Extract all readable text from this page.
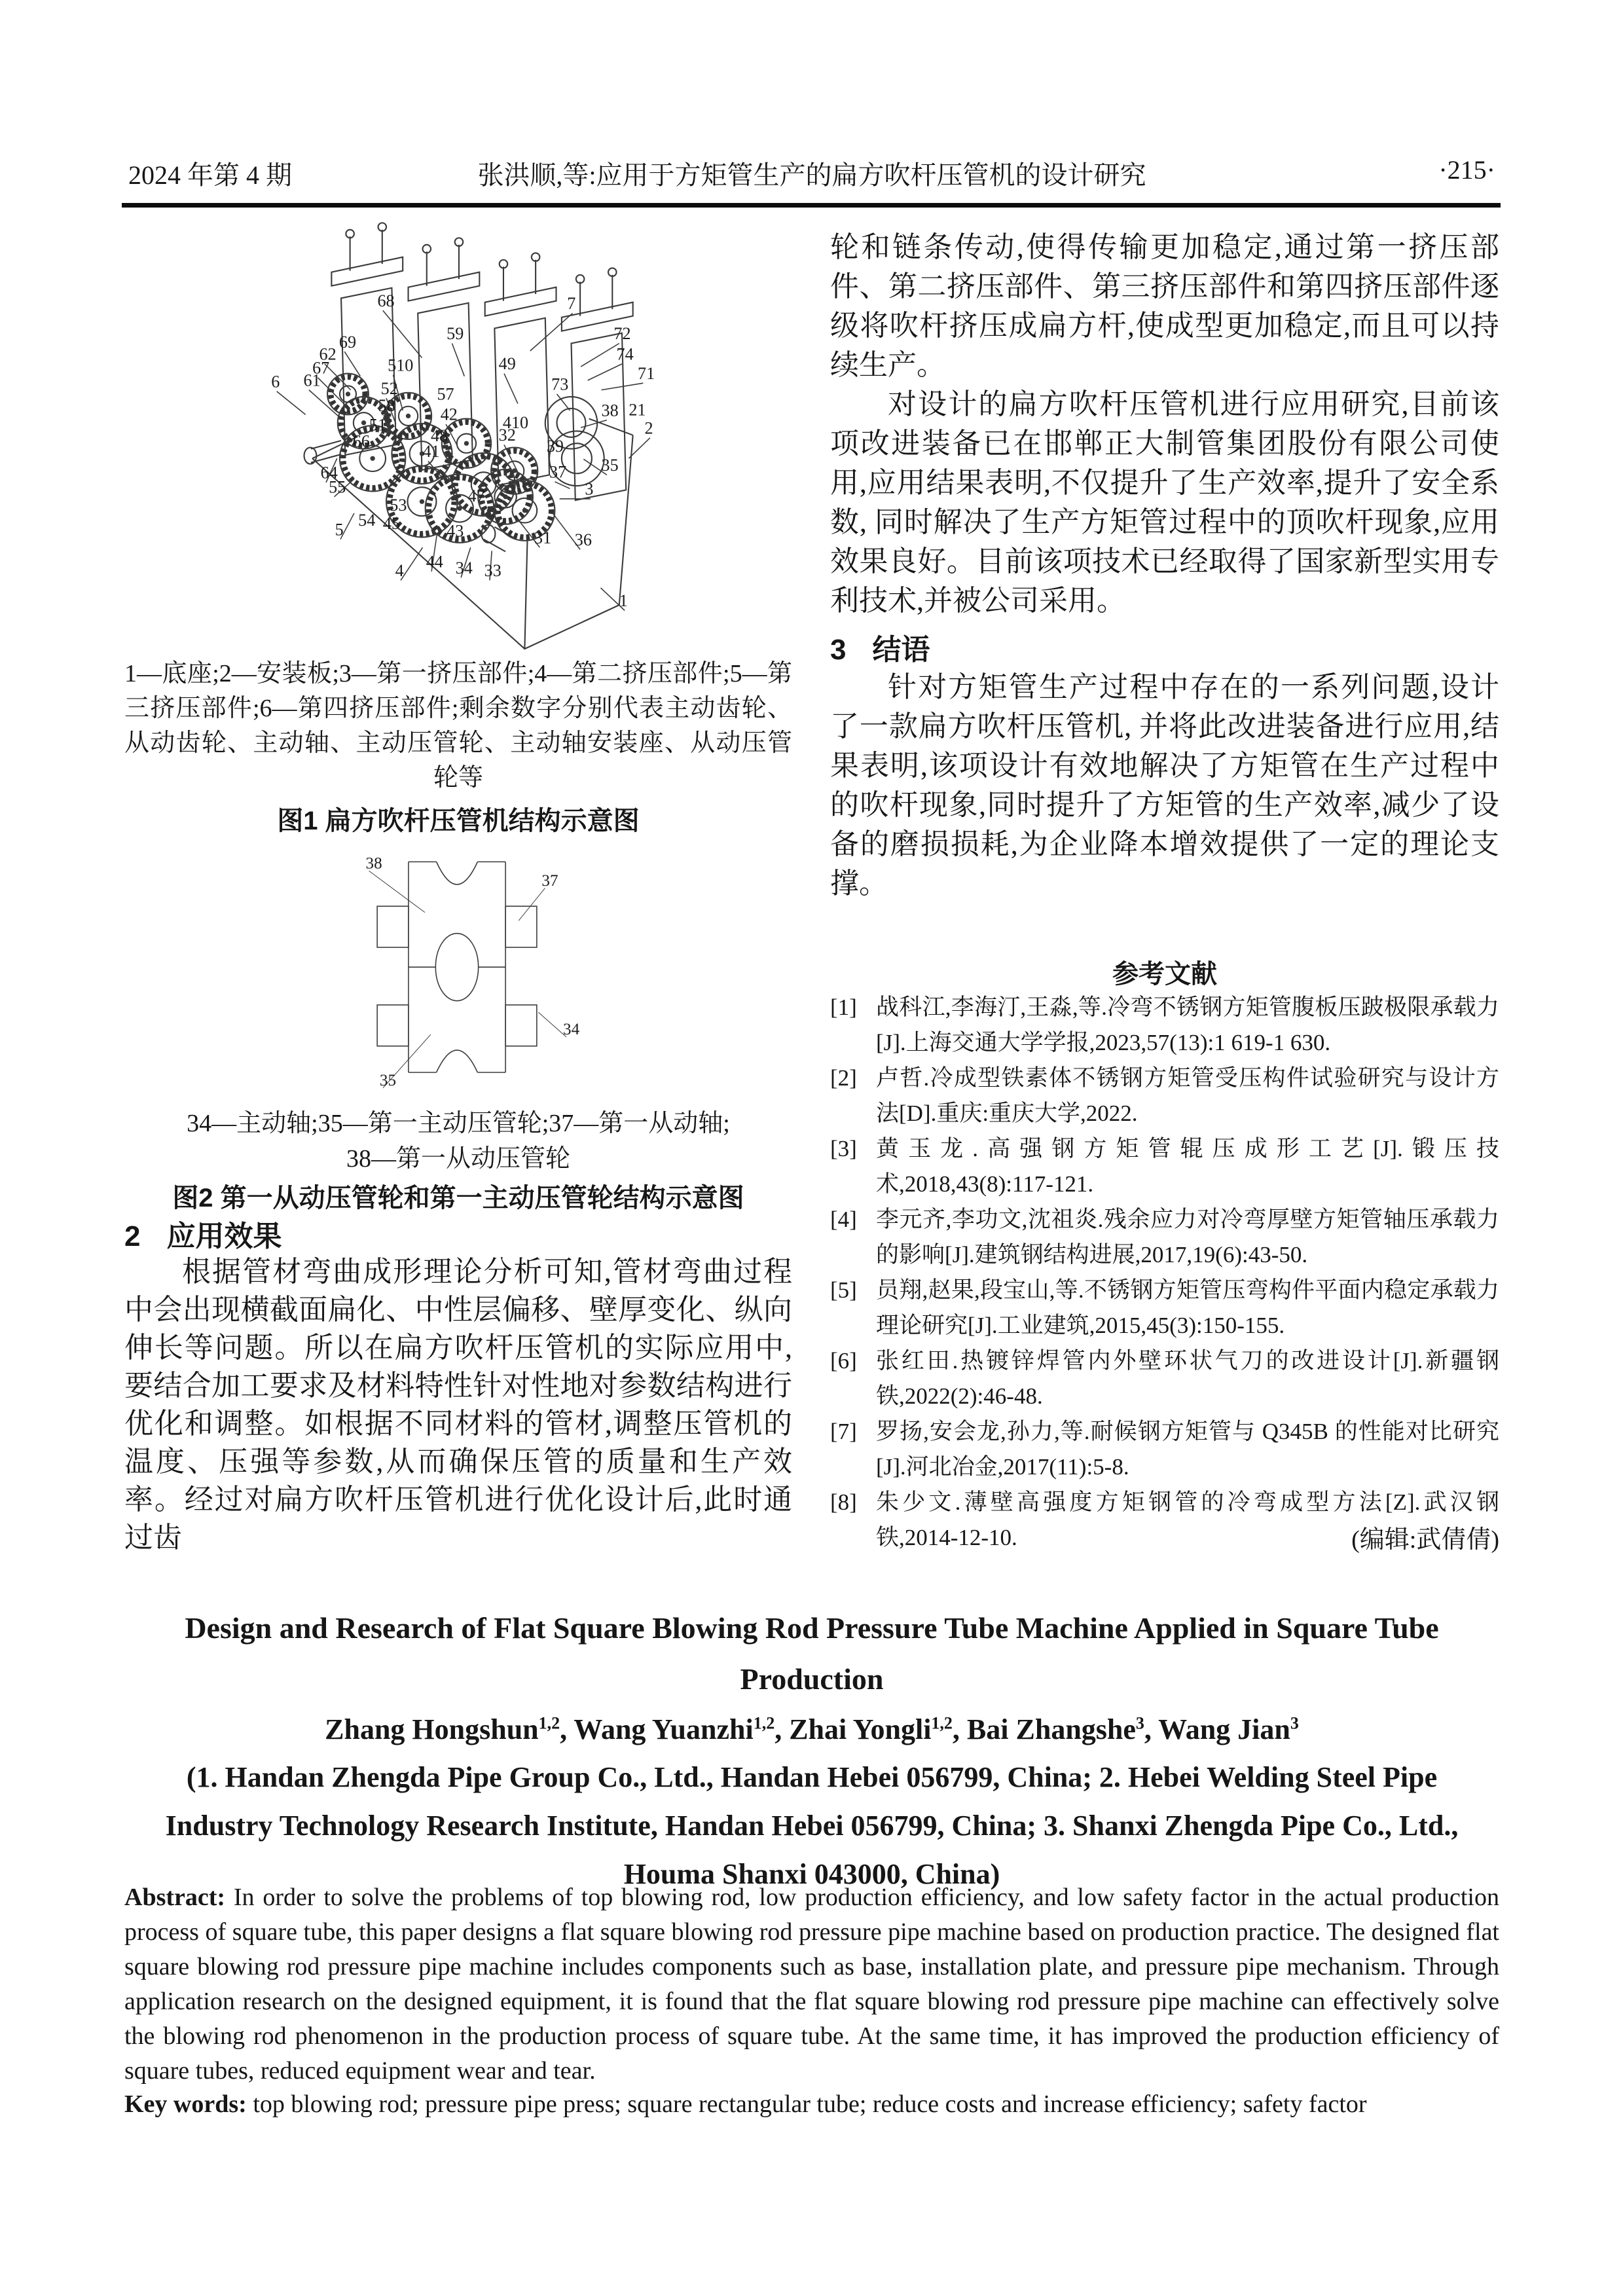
2024 年第 4 期	张洪顺,等:应用于方矩管生产的扁方吹杆压管机的设计研究	·215·
68	7
72
74
71
59
69
62
67
61
6
510
52
58
49
73
21
2
38
42	410
32
57
48
41	39
35
37
3
66
51
64
55
53
54
5 45
44
4
43
47
34 33
31 36
1
1—底座;2—安装板;3—第一挤压部件;4—第二挤压部件;5—第三挤压部件;6—第四挤压部件;剩余数字分别代表主动齿轮、从动齿轮、主动轴、主动压管轮、主动轴安装座、从动压管轮等
图1 扁方吹杆压管机结构示意图
38
37
34
35
34—主动轴;35—第一主动压管轮;37—第一从动轴;
38—第一从动压管轮
图2 第一从动压管轮和第一主动压管轮结构示意图
2 应用效果
根据管材弯曲成形理论分析可知,管材弯曲过程中会出现横截面扁化、中性层偏移、壁厚变化、纵向伸长等问题。所以在扁方吹杆压管机的实际应用中,要结合加工要求及材料特性针对性地对参数结构进行优化和调整。如根据不同材料的管材,调整压管机的温度、压强等参数,从而确保压管的质量和生产效率。经过对扁方吹杆压管机进行优化设计后,此时通过齿
轮和链条传动,使得传输更加稳定,通过第一挤压部件、第二挤压部件、第三挤压部件和第四挤压部件逐级将吹杆挤压成扁方杆,使成型更加稳定,而且可以持续生产。
对设计的扁方吹杆压管机进行应用研究,目前该项改进装备已在邯郸正大制管集团股份有限公司使用,应用结果表明,不仅提升了生产效率,提升了安全系数, 同时解决了生产方矩管过程中的顶吹杆现象,应用效果良好。目前该项技术已经取得了国家新型实用专利技术,并被公司采用。
3 结语
针对方矩管生产过程中存在的一系列问题,设计了一款扁方吹杆压管机, 并将此改进装备进行应用,结果表明,该项设计有效地解决了方矩管在生产过程中的吹杆现象,同时提升了方矩管的生产效率,减少了设备的磨损损耗,为企业降本增效提供了一定的理论支撑。
参考文献
[1] 战科江,李海汀,王淼,等.冷弯不锈钢方矩管腹板压跛极限承载力[J].上海交通大学学报,2023,57(13):1 619-1 630.
[2] 卢哲.冷成型铁素体不锈钢方矩管受压构件试验研究与设计方法[D].重庆:重庆大学,2022.
[3] 黄玉龙.高强钢方矩管辊压成形工艺[J].锻压技术,2018,43(8):117-121.
[4] 李元齐,李功文,沈祖炎.残余应力对冷弯厚壁方矩管轴压承载力的影响[J].建筑钢结构进展,2017,19(6):43-50.
[5] 员翔,赵果,段宝山,等.不锈钢方矩管压弯构件平面内稳定承载力理论研究[J].工业建筑,2015,45(3):150-155.
[6] 张红田.热镀锌焊管内外壁环状气刀的改进设计[J].新疆钢铁,2022(2):46-48.
[7] 罗扬,安会龙,孙力,等.耐候钢方矩管与 Q345B 的性能对比研究[J].河北冶金,2017(11):5-8.
[8] 朱少文.薄壁高强度方矩钢管的冷弯成型方法[Z].武汉钢铁,2014-12-10.	(编辑:武倩倩)
Design and Research of Flat Square Blowing Rod Pressure Tube Machine Applied in Square Tube Production
Zhang Hongshun$^{1,2}$, Wang Yuanzhi$^{1,2}$, Zhai Yongli$^{1,2}$, Bai Zhangshe$^3$, Wang Jian$^3$
(1. Handan Zhengda Pipe Group Co., Ltd., Handan Hebei 056799, China; 2. Hebei Welding Steel Pipe Industry Technology Research Institute, Handan Hebei 056799, China; 3. Shanxi Zhengda Pipe Co., Ltd., Houma Shanxi 043000, China)
Abstract: In order to solve the problems of top blowing rod, low production efficiency, and low safety factor in the actual production process of square tube, this paper designs a flat square blowing rod pressure pipe machine based on production practice. The designed flat square blowing rod pressure pipe machine includes components such as base, installation plate, and pressure pipe mechanism. Through application research on the designed equipment, it is found that the flat square blowing rod pressure pipe machine can effectively solve the blowing rod phenomenon in the production process of square tube. At the same time, it has improved the production efficiency of square tubes, reduced equipment wear and tear.
Key words: top blowing rod; pressure pipe press; square rectangular tube; reduce costs and increase efficiency; safety factor
